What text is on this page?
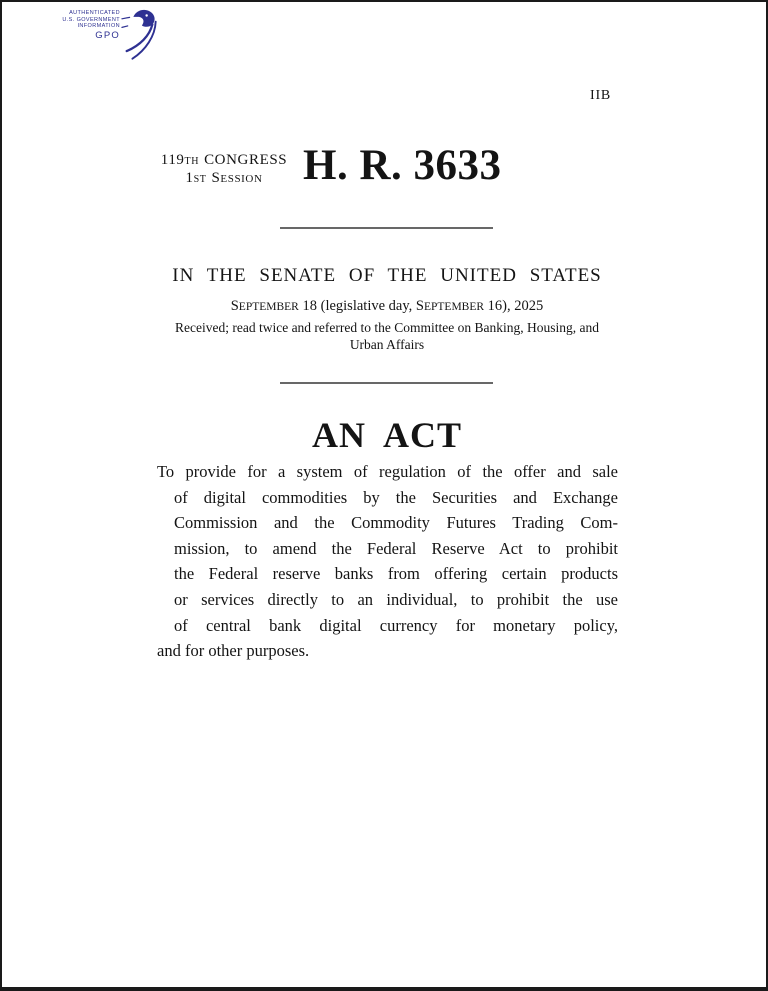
AUTHENTICATED
U.S. GOVERNMENT
INFORMATION
GPO
IIB
119TH CONGRESS
1ST SESSION H. R. 3633
IN THE SENATE OF THE UNITED STATES
SEPTEMBER 18 (legislative day, SEPTEMBER 16), 2025
Received; read twice and referred to the Committee on Banking, Housing, and
Urban Affairs
AN ACT
To provide for a system of regulation of the offer and sale
of digital commodities by the Securities and Exchange
Commission and the Commodity Futures Trading Com-
mission, to amend the Federal Reserve Act to prohibit
the Federal reserve banks from offering certain products
or services directly to an individual, to prohibit the use
of central bank digital currency for monetary policy,
and for other purposes.
